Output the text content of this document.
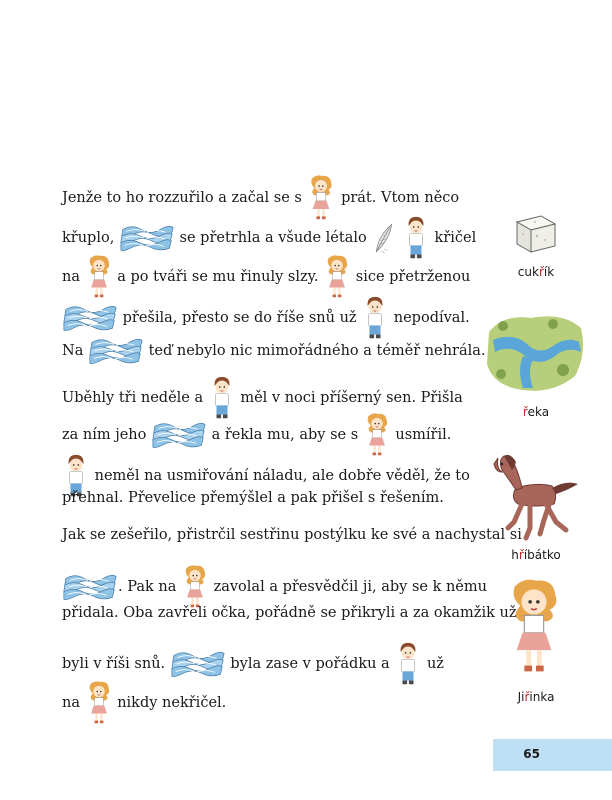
Jenže to ho rozzuřilo a začal se s	prát. Vtom něco
křuplo,	se přetrhla a všude létalo
	křičel
na	a po tváři se mu řinuly slzy.	sice přetrženou
přešila, přesto se do říše snů už	nepodíval.
Na	teď nebylo nic mimořádného a téměř nehrála.
Uběhly tři neděle a	měl v noci příšerný sen. Přišla
za ním jeho	a řekla mu, aby se s	usmířil.
neměl na usmiřování náladu, ale dobře věděl, že to
přehnal. Převelice přemýšlel a pak přišel s řešením.
Jak se zešeřilo, přistrčil sestřinu postýlku ke své a nachystal si
. Pak na	zavolal a přesvědčil ji, aby se k němu
přidala. Oba zavřeli očka, pořádně se přikryli a za okamžik už
byli v říši snů.	byla zase v pořádku a	už
na	nikdy nekřičel.
cukřík
řeka
hříbátko
Jiřinka
65
